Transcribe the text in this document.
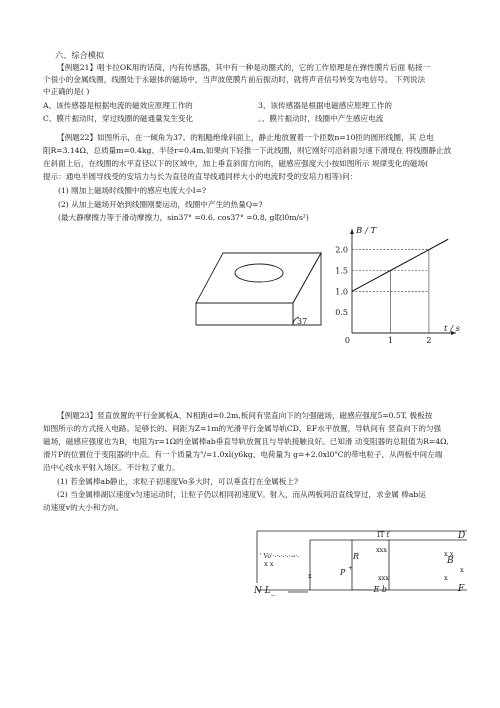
六、综合模拟
【例题21】唱卡拉OK用的话筒，内有传感器，其中有一种是动圈式的，它的工作原理是在弹性膜片后面 粘接一
个很小的金属线圈，线圈处于永磁体的磁场中，当声波使膜片前后振动时，就将声音信号转变为电信号。 下列说法
中正确的是( )
A、该传感器是根据电流的磁效应原理工作的	3、该传感器是根据电磁感应原理工作的
C、膜片振动时，穿过线圈的磁通量发生变化	。、膜片振动时，线圈中产生感应电流
【例题22】如图所示，在一倾角为37。的粗糙绝缘斜面上，静止地放置着一个匝数n=10匝的圆形线圈，其 总电
阻R=3.14Ω、总质量m=0.4kg、半径r=0.4m,如果向下轻推一下此线圈，则它刚好可沿斜面匀速下滑现在 将线圈静止放
在斜面上后，在线圈的水平直径以下的区域中，加上垂直斜面方向的，磁感应强度大小按如图所示 规律变化的磁场(
提示：通电半圆导线受的安培力与长为直径的直导线通同样大小的电流时受的安培力相等)问：
(1) 刚加上磁场时线圈中的感应电流大小I=?
(2) 从加上磁场开始到线圈刚要运动，线圈中产生的热量Q=?
(最大静摩擦力等于滑动摩擦力，sin37° =0.6, cos37° =0.8, g取l0m/s²)
37
0.5
1.0
1.5
2.0
0	1	2
B / T
t / s
【例题23】竖直放置的平行金属板A、N相距d=0.2m,板间有竖直向下的匀强磁场，磁感应强度5=0.5T, 极板按
如图所示的方式接入电路。足够长的、间距为Z=1m的光滑平行金属导轨CD、EF水平放置，导轨间有 竖直向下的匀强
磁场，磁感应强度也为B，电阻为r=1Ω的金属棒ab垂直导轨放置且与导轨接触良好。已知滑 动变阻器的总阻值为R=4Ω,
滑片P的位置位于变阻器的中点。有一个质量为"/=1.0xl(y6kg、电荷量为 g=+2.0xl0"C的带电粒子，从两板中间左端
沿中心线水平射入场区。不计粒了重力。
(1) 若金属棒ab静止，求粒子初速度Vo多大时，可以垂直打在金属板上?
(2) 当金属棒湖以速度v匀速运动时，让粒子仍以相同初速度V。射入，而从两板间沿直线穿过，求金属 棒ab运
动速度v的大小和方向。
' Vo'·-·-·-·-·→·-
x x
x	P +
R
IT f
xxx
D
x x
B
x
xxx	x
N L_	------- E b	F
